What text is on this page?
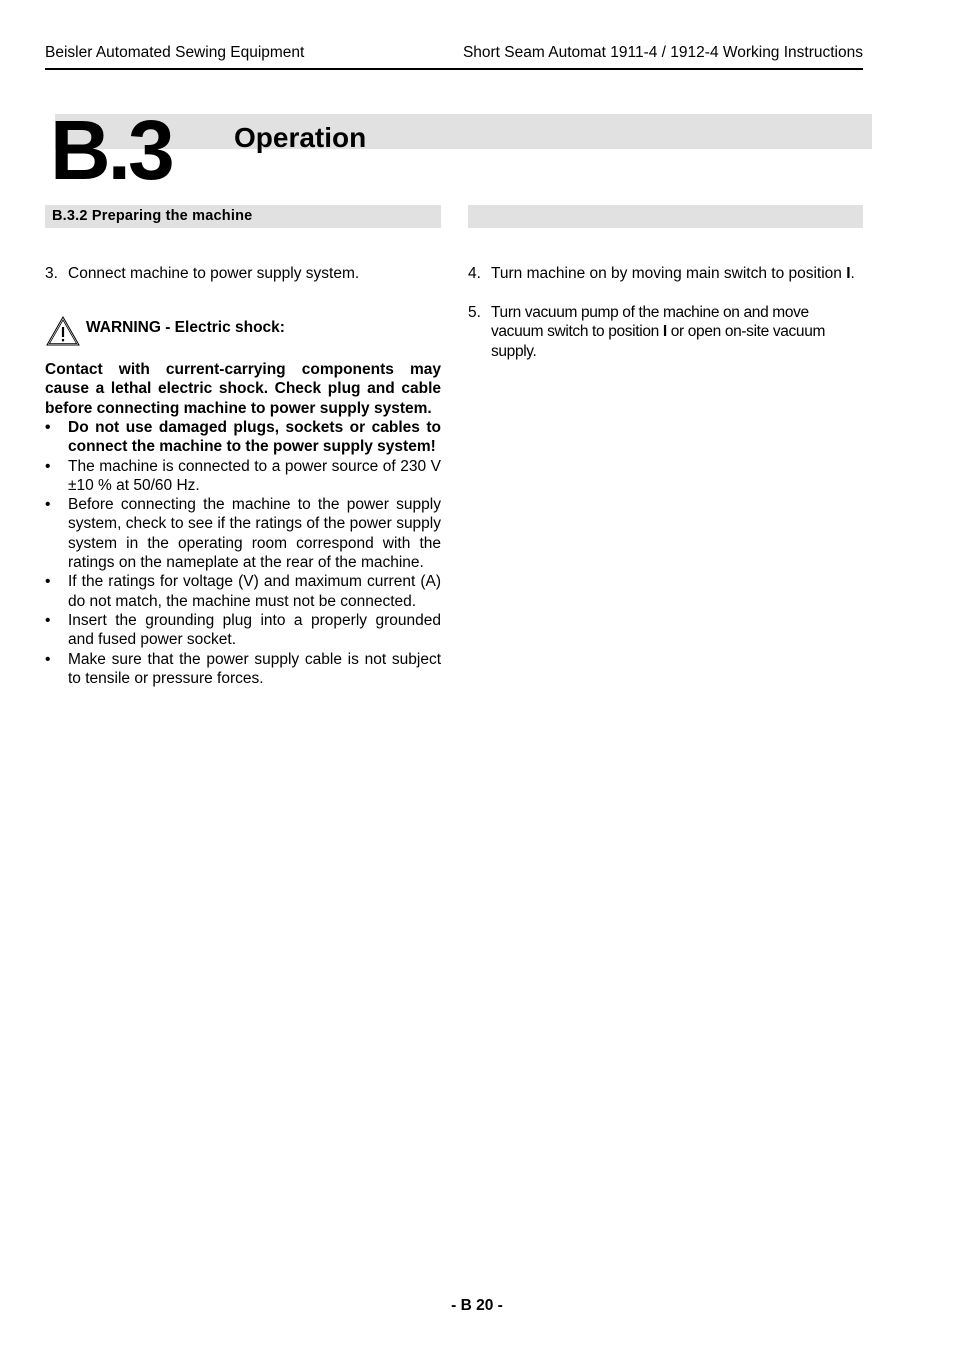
Beisler Automated Sewing Equipment	Short Seam Automat 1911-4 / 1912-4 Working Instructions
B.3 Operation
B.3.2 Preparing the machine
3. Connect machine to power supply system.
WARNING - Electric shock:
Contact with current-carrying components may cause a lethal electric shock. Check plug and cable before connecting machine to power supply system.
• Do not use damaged plugs, sockets or cables to connect the machine to the power supply system!
• The machine is connected to a power source of 230 V ±10 % at 50/60 Hz.
• Before connecting the machine to the power supply system, check to see if the ratings of the power supply system in the operating room correspond with the ratings on the nameplate at the rear of the machine.
• If the ratings for voltage (V) and maximum current (A) do not match, the machine must not be connected.
• Insert the grounding plug into a properly grounded and fused power socket.
• Make sure that the power supply cable is not subject to tensile or pressure forces.
4. Turn machine on by moving main switch to position I.
5. Turn vacuum pump of the machine on and move vacuum switch to position I or open on-site vacuum supply.
- B 20 -
